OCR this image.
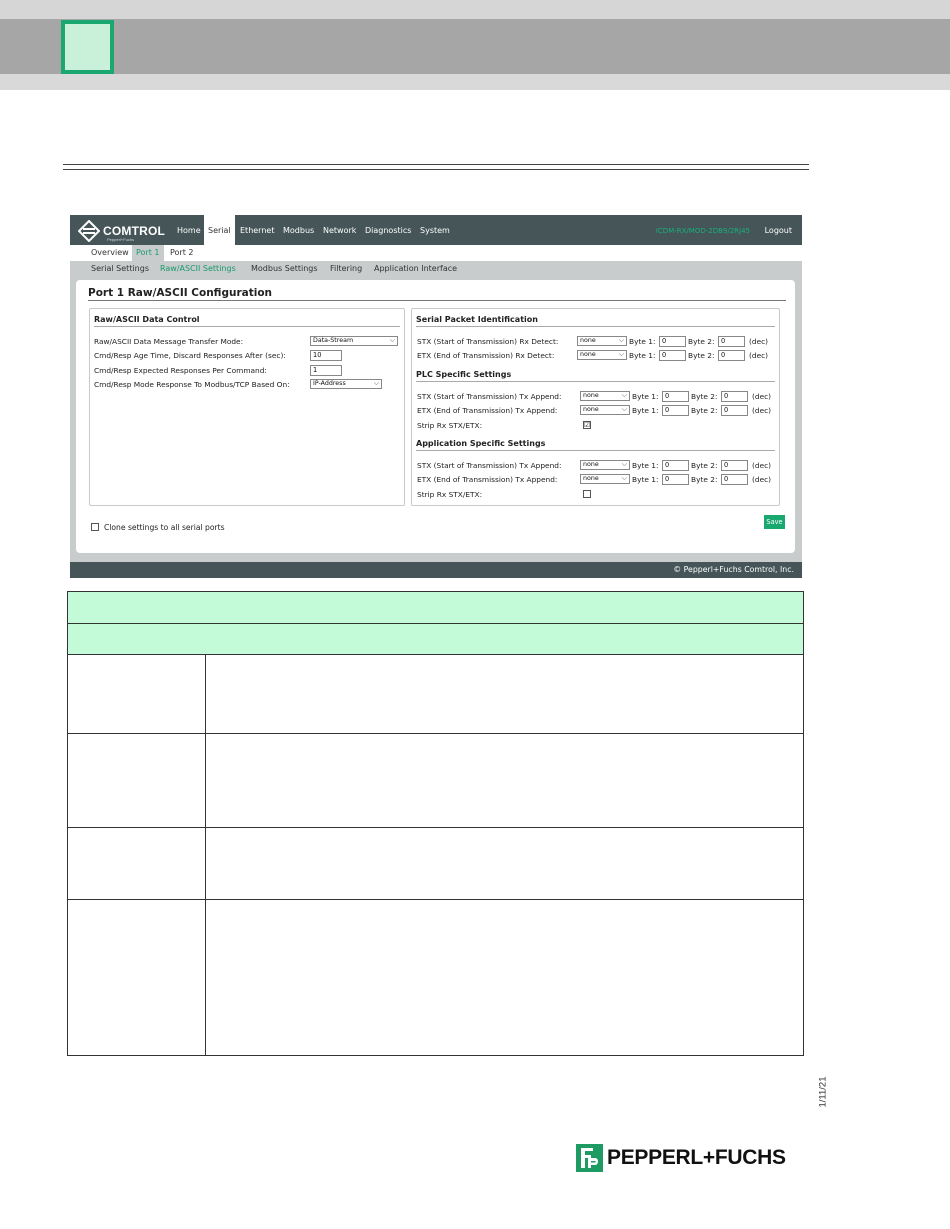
COMTROL
Pepperl+Fuchs
Home Serial	Ethernet Modbus Network Diagnostics System	ICDM-RX/MOD-2DB9/2RJ45 Logout
Overview Port 1	Port 2
Serial Settings Raw/ASCII Settings Modbus Settings Filtering Application Interface
Port 1 Raw/ASCII Configuration
Raw/ASCII Data Control
Raw/ASCII Data Message Transfer Mode:	Data-Stream	⌵
Cmd/Resp Age Time, Discard Responses After (sec):	10
Cmd/Resp Expected Responses Per Command:	1
Cmd/Resp Mode Response To Modbus/TCP Based On:	IP-Address	⌵
Serial Packet Identification
STX (Start of Transmission) Rx Detect:	none	⌵ Byte 1: 0	Byte 2: 0	(dec)
ETX (End of Transmission) Rx Detect:	none	⌵ Byte 1: 0	Byte 2: 0	(dec)
PLC Specific Settings
STX (Start of Transmission) Tx Append:	none	⌵ Byte 1: 0	Byte 2: 0	(dec)
ETX (End of Transmission) Tx Append:	none	⌵ Byte 1: 0	Byte 2: 0	(dec)
Strip Rx STX/ETX:	☑
Application Specific Settings
STX (Start of Transmission) Tx Append:	none	⌵ Byte 1: 0	Byte 2: 0	(dec)
ETX (End of Transmission) Tx Append:	none	⌵ Byte 1: 0	Byte 2: 0	(dec)
Strip Rx STX/ETX:
Clone settings to all serial ports
Save
© Pepperl+Fuchs Comtrol, Inc.
1/11/21
PEPPERL+FUCHS
